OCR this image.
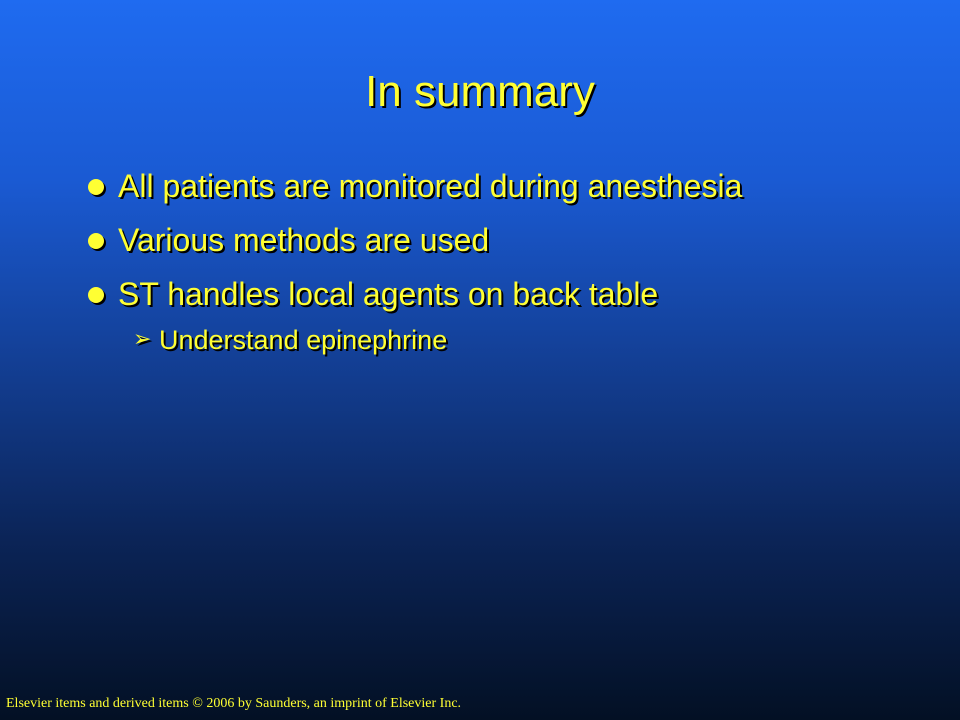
In summary
All patients are monitored during anesthesia
Various methods are used
ST handles local agents on back table
➢ Understand epinephrine
Elsevier items and derived items © 2006 by Saunders, an imprint of Elsevier Inc.
